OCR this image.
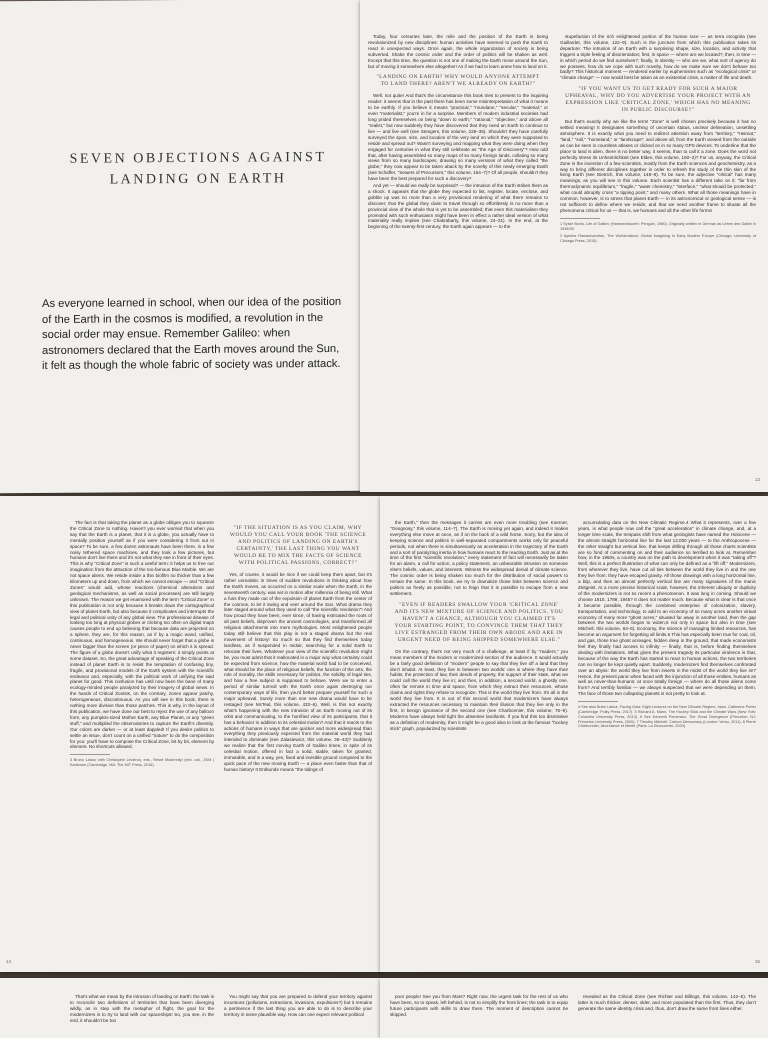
SEVEN OBJECTIONS AGAINST LANDING ON EARTH
As everyone learned in school, when our idea of the position of the Earth in the cosmos is modified, a revolution in the social order may ensue. Remember Galileo: when astronomers declared that the Earth moves around the Sun, it felt as though the whole fabric of society was under attack.

Today, four centuries later, the mile and the position of the Earth is being revolutionized by new disciplines: human activities have seemed to push the Earth to react in unexpected ways. Once again, the whole organization of society is being subverted. Shake the cosmic order and the order of politics will be shaken as well. Except that this time, the question is not one of making the Earth move around the Sun, but of moving it somewhere else altogether! As if we had to learn anew how to land on it.

"LANDING ON EARTH? WHY WOULD ANYONE ATTEMPT TO LAND THERE? AREN'T WE ALREADY ON EARTH?"

Well, not quite! And that's the circumstance this book tries to present to the inquiring reader: it seems that in the past there has been some misinterpretation of what it means to be earthly. If you believe it means "practical," "mundane," "secular," "material," or even "materialist," you're in for a surprise. Members of modern industrial societies had long prided themselves on being "down to earth," "rational," "objective," and above all "realist," but now suddenly they have discovered that they need an Earth to continue to live — and live well (see Stengers, this volume, 228–35). Shouldn't they have carefully surveyed the span, size, and location of the very land on which they were supposed to reside and spread out? Wasn't surveying and mapping what they were doing when they engaged for centuries in what they still celebrate as "the Age of Discovery"? How odd that, after having assembled so many maps of so many foreign lands, collating so many views from so many landscapes, drawing so many versions of what they called "the globe," they now appear to be taken aback by the novelty of this newly emerging Earth (see Schaffer, "Sewers of Precursors," this volume, 154–7)? Of all people, shouldn't they have been the best prepared for such a discovery?

And yet — should we really be surprised? — the intrusion of the Earth strikes them as a shock. It appears that the globe they expected to list, register, locate, enclose, and gobble up was no more than a very provisional rendering of what there remains to discover; that the global they claim to travel through so effortlessly is no more than a provincial view of the whole that is yet to be assembled; that even this materialism they promoted with such enthusiasm might have been in effect a rather ideal version of what materiality really implies (see Chakrabarty, this volume, 24–31). In the end, at the beginning of the twenty-first century, the Earth again appears — to the

stupefaction of the rich enlightened portion of the human race — as terra incognita (see Gaillardet, this volume, 122–9). Such is the juncture from which this publication takes its departure: The intrusion of an Earth with a surprising shape, size, location, and activity that triggers a triple feeling of disorientation; first, in space — where are we located?; then, in time — in which period do we find ourselves?; finally, in identity — who are we, what sort of agency do we possess, how do we cope with such novelty, how do we make sure we don't behave too badly? This historical moment — rendered earlier by euphemisms such as "ecological crisis" or "climate change" — now would best be taken as an existential crisis, a matter of life and death.

"IF YOU WANT US TO GET READY FOR SUCH A MAJOR UPHEAVAL, WHY DO YOU ADVERTISE YOUR PROJECT WITH AN EXPRESSION LIKE 'CRITICAL ZONE,' WHICH HAS NO MEANING IN PUBLIC DISCOURSE?"

But that's exactly why we like the term! "Zone" is well chosen precisely because it has no settled meaning! It designates something of uncertain status, unclear delineation, unsettling atmosphere. It is exactly what you need to redirect attention away from "territory," "Heimat," "land," "soil," "homeland," or "landscape"; and above all, from the Earth viewed from the outside as can be seen in countless atlases or clicked on in so many GPS devices. To underline that the place to land is alien, there is no better way, it seems, than to call it a zone. Does the word not perfectly stress its Unheimlichkeit (see Elden, this volume, 160–2)? For us, anyway, the Critical Zone is the invention of a few scientists, mostly from the Earth sciences and geochemistry, as a way to bring different disciplines together in order to refresh the study of the thin skin of the living Earth (see Dietrich, this volume, 148–9). To be sure, the adjective "critical" has many meanings, as you will see in this volume. Each scientist has a different take on it: "far from thermodynamic equilibrium," "fragile," "water chemistry," "interface," "what should be protected," what could abruptly cross "a tipping point," and many others. What all those meanings have in common, however, is to stress that planet Earth — in its astronomical or geological sense — is not sufficient to define where we reside, and that we need another frame to situate all the phenomena critical for us — that is, we humans and all the other life forms!

1 Sylvie Bovis, Life of Galileo (Harmondsworth: Penguin, 1980). Originally written in German as Leben des Galilei in 1938/39.
2 Ayesha Ramachandran, The Worldmakers: Global Imagining in Early Modern Europe (Chicago: University of Chicago Press, 2015).
13

The fact is that taking the planet as a globe obliges you to squeeze the Critical Zone to nothing. Haven't you ever worried that when you say that the Earth is a planet, that it is a globe, you actually have to mentally position yourself as if you were considering it from out in space? To be sure, a few dozen astronauts have been there, in a few noisy tethered space machines, and they took a few pictures, but humans don't live there and it's not what they see in front of their eyes. This is why "Critical Zone" is such a useful term: it helps us to free our imagination from the attraction of the too-famous Blue Marble. We are not space aliens. We reside inside a thin biofilm no thicker than a few kilometers up and down, from which we cannot escape — and "Critical Zones" would add, whose reactions (chemical alterations and geological mechanisms, as well as social processes) are still largely unknown. The reason we get enamored with the term "Critical Zone" in this publication is not only because it breaks down the cartographical view of planet Earth, but also because it complicates and interrupts the legal and political unity of any global view. The professional disease of looking too long at physical globes or clicking too often on digital maps causes people to end up believing that because data are projected on a sphere, they are, for this reason, as if by a magic wand, unified, continuous, and homogeneous. We should never forget that a globe is never bigger than the screen (or piece of paper) on which it is spread. The figure of a globe doesn't unify what it registers: it simply points at some dataset. So, the great advantage of speaking of the Critical Zone instead of planet Earth is to resist the temptation of confusing tiny, fragile, and provisional models of the Earth system with the scientific endeavor and, especially, with the political work of unifying the said planet for good. This confusion has until now been the bane of many ecology-minded people paralyzed by their imagery of global views. In the hands of Critical Zonists, on the contrary, zones appear patchy, heterogeneous, discontinuous. As you will see in this book, there is nothing more divisive than those patches. This is why, in the layout of this publication, we have done our best to reject the use of any balloon form, any pumpkin-sized Mother Earth, any Blue Planet, or any "green stuff," and multiplied the observatories to capture the Earth's diversity. Our colors are darker — or at least dappled! If you desire politics to settle an issue, don't count on a unified "nature" to do the composition for you: you'll have to compose the Critical Zone, bit by bit, element by element. No shortcuts allowed.

3 Bruno Latour with Christophe Leclercq, eds., Reset Modernity! (exh. cat., ZKM | Karlsruhe (Cambridge, MA: The MIT Press, 2016).
"IF THE SITUATION IS AS YOU CLAIM, WHY WOULD YOU CALL YOUR BOOK 'THE SCIENCE AND POLITICS OF LANDING ON EARTH'S CERTAINTY,' THE LAST THING YOU WANT WOULD BE TO MIX THE FACTS OF SCIENCE WITH POLITICAL PASSIONS, CORRECT?"

Yes, of course, it would be nice if we could keep them apart, but it's rather unrealistic in times of sudden revolutions in thinking about how the Earth moves, as occurred on a similar scale when the Earth, in the seventeenth century, was set in motion after millennia of being still. What a fuss they made out of the expulsion of planet Earth from the center of the cosmos, to let it swing and veer around the Sun. What drama they later staged around what they used to call "the scientific revolution"! And how proud they have been, ever since, of having extricated the roots of all past beliefs, disproven the ancient cosmologies, and transformed all religious attachments into mere mythologies. Most enlightened people today still believe that this play is not a staged drama but the real movement of history! So much so that they find themselves today landless, as if suspended in midair, searching for a solid Earth to relocate their lives. Whatever your view of the scientific revolution might be, you must admit that it reallocated in a major way what certainty could be expected from science, how the material world had to be conceived, what should be the place of religious beliefs, the function of the arts, the role of morality, the skills necessary for politics, the solidity of legal ties, and how a free subject is supposed to behave. Were we to enter a period of similar turmoil with the Earth once again destroying our contemporary ways of life, then you'd better prepare yourself for such a major upheaval. Surely more than one new drama would have to be restaged (see McTeal, this volume, 432–6). Well, is this not exactly what's happening with the new intrusion of an Earth moving out of its orbit and communicating, to the horrified view of its participants, that it has a behavior in addition to its celestial motion? And that it reacts to the actions of humans in ways that are quicker and more widespread than everything they previously expected from the material world they had intended to dominate (see Zalasiewicz, this volume, 36–43)? Suddenly we realize that the first moving Earth of Galileo times, in spite of its celestial motion, offered in fact a solid, stable, taken for granted, immutable, and in a way, yes, fixed and invisible ground compared to the quick pace of the new moving Earth — a place even faster than that of human history! It Erdkunde means "the tidings of

14

the Earth," then the messages it carries are even more troubling (see Koerner, "Geognosy," this volume, 114–7). The Earth is moving yet again, and indeed it makes everything else move at once, as if on the back of a wild horse. Sorry, but the idea of keeping science and politics in well-separated compartments works only for peaceful periods, not when there is simultaneously an acceleration in the trajectory of the Earth and a sort of paralyzing inertia in how humans react to the reacting Earth. Just as at the time of the first "scientific revolution," every statement of fact will necessarily be taken for an alarm, a call for action, a policy statement, an unbearable intrusion on someone else's beliefs, values, and interests. Witness the widespread denial of climate science. The cosmic order is being shaken too much for the distribution of social powers to remain the same. In this book, we try to dramatize those links between science and politics as freely as possible, not to feign that it is possible to escape from a new settlement.

"EVEN IF READERS SWALLOW YOUR 'CRITICAL ZONE' AND ITS NEW MIXTURE OF SCIENCE AND POLITICS, YOU HAVEN'T A CHANCE, ALTHOUGH YOU CLAIMED IT'S YOUR STARTING POINT, TO CONVINCE THEM THAT THEY LIVE ESTRANGED FROM THEIR OWN ABODE AND ARE IN URGENT NEED OF BEING SHIPPED SOMEWHERE ELSE."

On the contrary, that's not very much of a challenge, at least if by "readers," you mean members of the modern or modernized section of the audience. It would actually be a fairly good definition of "modern" people to say that they live off a land that they don't inhabit. At least, they live in between two worlds: one is where they have their habits, the protection of law, their deeds of property, the support of their state, what we could call the world they live in; and then, in addition, a second world, a ghostly one, often far remote in time and space, from which they extract their resources, whose claims and rights they refuse to recognize. This is the world they live from. It's all in the world they live from. It is out of this second world that modernizers have always extracted the resources necessary to maintain their illusion that they live only in the first, in benign ignorance of the second one (see Charbonnier, this volume, 76–9). Moderns have always held tight the absentee landlords. If you find this too dismissive as a definition of modernity, then it might be a good idea to look at the famous "hockey stick" graph, popularized by scientists

accumulating data on the New Climatic Regime.4 What it represents, over a few years, is what people now call the "great acceleration" in climate change, and, at a longer time scale, the trespass shift from what geologists have named the Holocene — the almost straight horizontal line for the last 12,000 years — to the Anthropocene — the other straight but vertical line, that keeps drilling through all those charts scientists are so fond of commenting on and their audience so terrified to look at. Remember how, in the 1950s, a country was on the path to development when it was "taking off"? Well, this is a perfect illustration of what can only be defined as a "lift off." Modernizers, from wherever they live, have cut all ties between the world they live in and the one they live from: they have escaped gravity. All those drawings with a long horizontal line, a blip, and then an almost perfectly vertical line are many signatures of the manic Zeitgeist. At a more precise historical scale, however, the inherent ubiquity or duplicity of the modernizers is not so recent a phenomenon. It was long in coming. Should we choose 1610, 1789, 1945? It does not matter much. Because what is clear is that once it became possible, through the combined enterprise of colonization, slavery, transportation, and technology, to add to an economy of so many acres another virtual economy of many more "ghost acres," situated far away in another land, then the gap between the two worlds began to widen,5 not only in space but also in time (see Mitchell, this volume, 84–6). Economy, the science of managing limited resources, has become an argument for forgetting all limits.6 This has especially been true for coal, oil, and gas, those true ghost acreages, hidden deep in the ground, that made economists feel they finally had access to infinity — finally, that is, before finding themselves dealing with limitations. What gives the present tragedy its particular virulence is that, because of the way the Earth has started to react to human actions, the two territories can no longer be kept quietly apart. Suddenly, modernizers find themselves confronted over an abyss: the world they live from inserts in the midst of the world they live in!7 Hence, the present panic when faced with the injunction of all those entities, humans as well as never-than-humans: at once totally foreign — where do all those aliens come from? And terribly familiar — we always suspected that we were depending on them. The face of those two collapsing planets is not pretty to look at.

4 See also Brian Latour, Facing Gaia: Eight Lectures on the New Climatic Regime, trans. Catherine Porter (Cambridge: Polity Press, 2017). 5 Richard A. Mann, The Hockey Stick and the Climate Wars (New York: Columbia University Press, 2013). 6 See Kenneth Pomeranz, The Great Divergence (Princeton, NJ: Princeton University Press, 2000). 7 Timothy Mitchell, Carbon Democracy (London: Verso, 2011). 8 Pierre Charbonnier, Abondance et liberté (Paris: La Découverte, 2020).
15

That's what we mean by the intrusion of landing on Earth: the task is to reconcile two definitions of territories that have been diverging wildly, as in step with the metaphor of flight, the goal for the modernizers is to try to land with our spaceships! So, you see, in the end, it shouldn't be too

You might say that you are prepared to defend your territory against incursions (pollutions, extractions, invasions, expulsions?) but it remains a pertinence if the last thing you are able to do is to describe your territory in some plausible way. How can one expect relevant political

poor people! See you from Mars? Right now, the urgent task for the rest of us who have been, so to speak, left behind, is not to simplify the front lines; the task is to equip future participants with skills to draw them. The moment of description cannot be skipped.

revealed as the Critical Zone (see Richter and Billings, this volume, 142–5). The latter is much thicker, denser, older, and more populated than the first. Thus, they don't generate the same identity crisis and, thus, don't draw the same front lines either.
